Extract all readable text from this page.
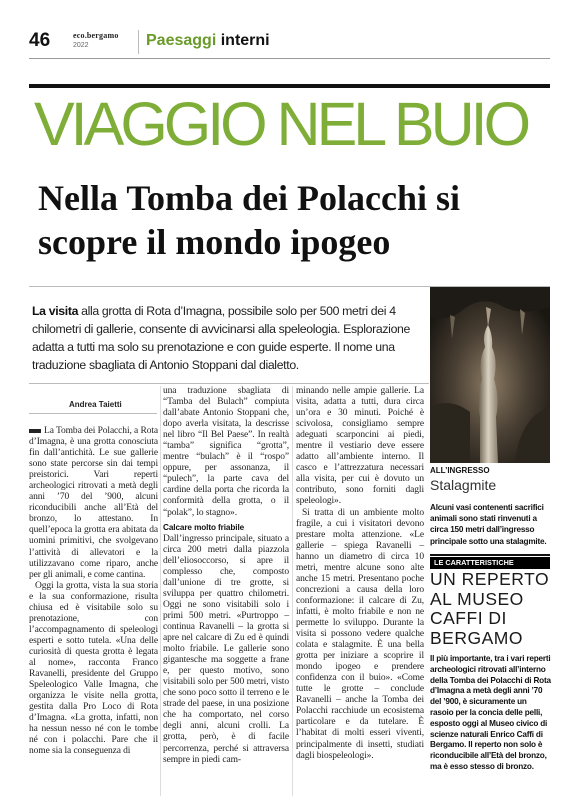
46	eco.bergamo
2022	Paesaggi interni
VIAGGIO NEL BUIO
Nella Tomba dei Polacchi si scopre il mondo ipogeo
La visita alla grotta di Rota d’Imagna, possibile solo per 500 metri dei 4 chilometri di gallerie, consente di avvicinarsi alla speleologia. Esplorazione adatta a tutti ma solo su prenotazione e con guide esperte. Il nome una traduzione sbagliata di Antonio Stoppani dal dialetto.
ALL’INGRESSO
Stalagmite
Alcuni vasi contenenti sacrifici animali sono stati rinvenuti a circa 150 metri dall’ingresso principale sotto una stalagmite.
LE CARATTERISTICHE
UN REPERTO AL MUSEO CAFFI DI BERGAMO
Il più importante, tra i vari reperti archeologici ritrovati all’interno della Tomba dei Polacchi di Rota d’Imagna a metà degli anni ’70 del ’900, è sicuramente un rasoio per la concia delle pelli, esposto oggi al Museo civico di scienze naturali Enrico Caffi di Bergamo. Il reperto non solo è riconducibile all’Età del bronzo, ma è esso stesso di bronzo.
Andrea Taietti

La Tomba dei Polacchi, a Rota d’Imagna, è una grotta conosciuta fin dall’antichità. Le sue gallerie sono state percorse sin dai tempi preistorici. Vari reperti archeologici ritrovati a metà degli anni ’70 del ’900, alcuni riconducibili anche all’Età del bronzo, lo attestano. In quell’epoca la grotta era abitata da uomini primitivi, che svolgevano l’attività di allevatori e la utilizzavano come riparo, anche per gli animali, e come cantina.

Oggi la grotta, vista la sua storia e la sua conformazione, risulta chiusa ed è visitabile solo su prenotazione, con l’accompagnamento di speleologi esperti e sotto tutela. «Una delle curiosità di questa grotta è legata al nome», racconta Franco Ravanelli, presidente del Gruppo Speleologico Valle Imagna, che organizza le visite nella grotta, gestita dalla Pro Loco di Rota d’Imagna. «La grotta, infatti, non ha nessun nesso né con le tombe né con i polacchi. Pare che il nome sia la conseguenza di

una traduzione sbagliata di “Tamba del Bulach” compiuta dall’abate Antonio Stoppani che, dopo averla visitata, la descrisse nel libro “Il Bel Paese”. In realtà “tamba” significa “grotta”, mentre “bulach” è il “rospo” oppure, per assonanza, il “pulech”, la parte cava del cardine della porta che ricorda la conformità della grotta, o il “polak”, lo stagno».

Calcare molto friabile

Dall’ingresso principale, situato a circa 200 metri dalla piazzola dell’eliosoccorso, si apre il complesso che, composto dall’unione di tre grotte, si sviluppa per quattro chilometri. Oggi ne sono visitabili solo i primi 500 metri. «Purtroppo – continua Ravanelli – la grotta si apre nel calcare di Zu ed è quindi molto friabile. Le gallerie sono gigantesche ma soggette a frane e, per questo motivo, sono visitabili solo per 500 metri, visto che sono poco sotto il terreno e le strade del paese, in una posizione che ha comportato, nel corso degli anni, alcuni crolli. La grotta, però, è di facile percorrenza, perché si attraversa sempre in piedi cam-

minando nelle ampie gallerie. La visita, adatta a tutti, dura circa un’ora e 30 minuti. Poiché è scivolosa, consigliamo sempre adeguati scarponcini ai piedi, mentre il vestiario deve essere adatto all’ambiente interno. Il casco e l’attrezzatura necessari alla visita, per cui è dovuto un contributo, sono forniti dagli speleologi».

Si tratta di un ambiente molto fragile, a cui i visitatori devono prestare molta attenzione. «Le gallerie – spiega Ravanelli – hanno un diametro di circa 10 metri, mentre alcune sono alte anche 15 metri. Presentano poche concrezioni a causa della loro conformazione: il calcare di Zu, infatti, è molto friabile e non ne permette lo sviluppo. Durante la visita si possono vedere qualche colata e stalagmite. È una bella grotta per iniziare a scoprire il mondo ipogeo e prendere confidenza con il buio». «Come tutte le grotte – conclude Ravanelli – anche la Tomba dei Polacchi racchiude un ecosistema particolare e da tutelare. È l’habitat di molti esseri viventi, principalmente di insetti, studiati dagli biospeleologi».
